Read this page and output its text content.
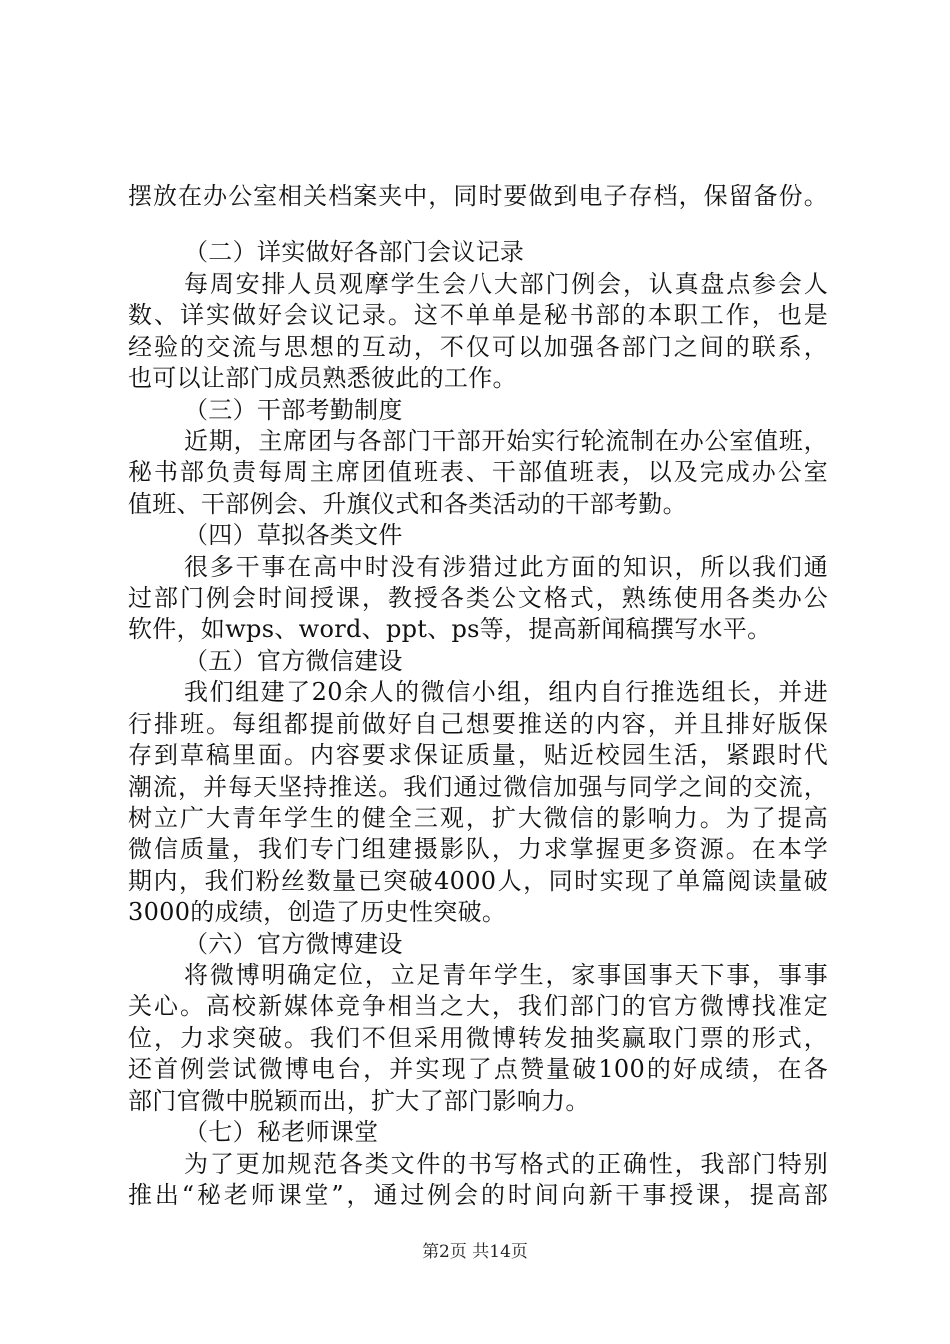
摆放在办公室相关档案夹中，同时要做到电子存档，保留备份。

（二）详实做好各部门会议记录

每周安排人员观摩学生会八大部门例会，认真盘点参会人

数、详实做好会议记录。这不单单是秘书部的本职工作，也是

经验的交流与思想的互动，不仅可以加强各部门之间的联系，

也可以让部门成员熟悉彼此的工作。

（三）干部考勤制度

近期，主席团与各部门干部开始实行轮流制在办公室值班，

秘书部负责每周主席团值班表、干部值班表，以及完成办公室

值班、干部例会、升旗仪式和各类活动的干部考勤。

（四）草拟各类文件

很多干事在高中时没有涉猎过此方面的知识，所以我们通

过部门例会时间授课，教授各类公文格式，熟练使用各类办公

软件，如wps、word、ppt、ps等，提高新闻稿撰写水平。

（五）官方微信建设

我们组建了20余人的微信小组，组内自行推选组长，并进

行排班。每组都提前做好自己想要推送的内容，并且排好版保

存到草稿里面。内容要求保证质量，贴近校园生活，紧跟时代

潮流，并每天坚持推送。我们通过微信加强与同学之间的交流，

树立广大青年学生的健全三观，扩大微信的影响力。为了提高

微信质量，我们专门组建摄影队，力求掌握更多资源。在本学

期内，我们粉丝数量已突破4000人，同时实现了单篇阅读量破

3000的成绩，创造了历史性突破。

（六）官方微博建设

将微博明确定位，立足青年学生，家事国事天下事，事事

关心。高校新媒体竞争相当之大，我们部门的官方微博找准定

位，力求突破。我们不但采用微博转发抽奖赢取门票的形式，

还首例尝试微博电台，并实现了点赞量破100的好成绩，在各

部门官微中脱颖而出，扩大了部门影响力。

（七）秘老师课堂

为了更加规范各类文件的书写格式的正确性，我部门特别

推出“秘老师课堂”，通过例会的时间向新干事授课，提高部

第2页 共14页
